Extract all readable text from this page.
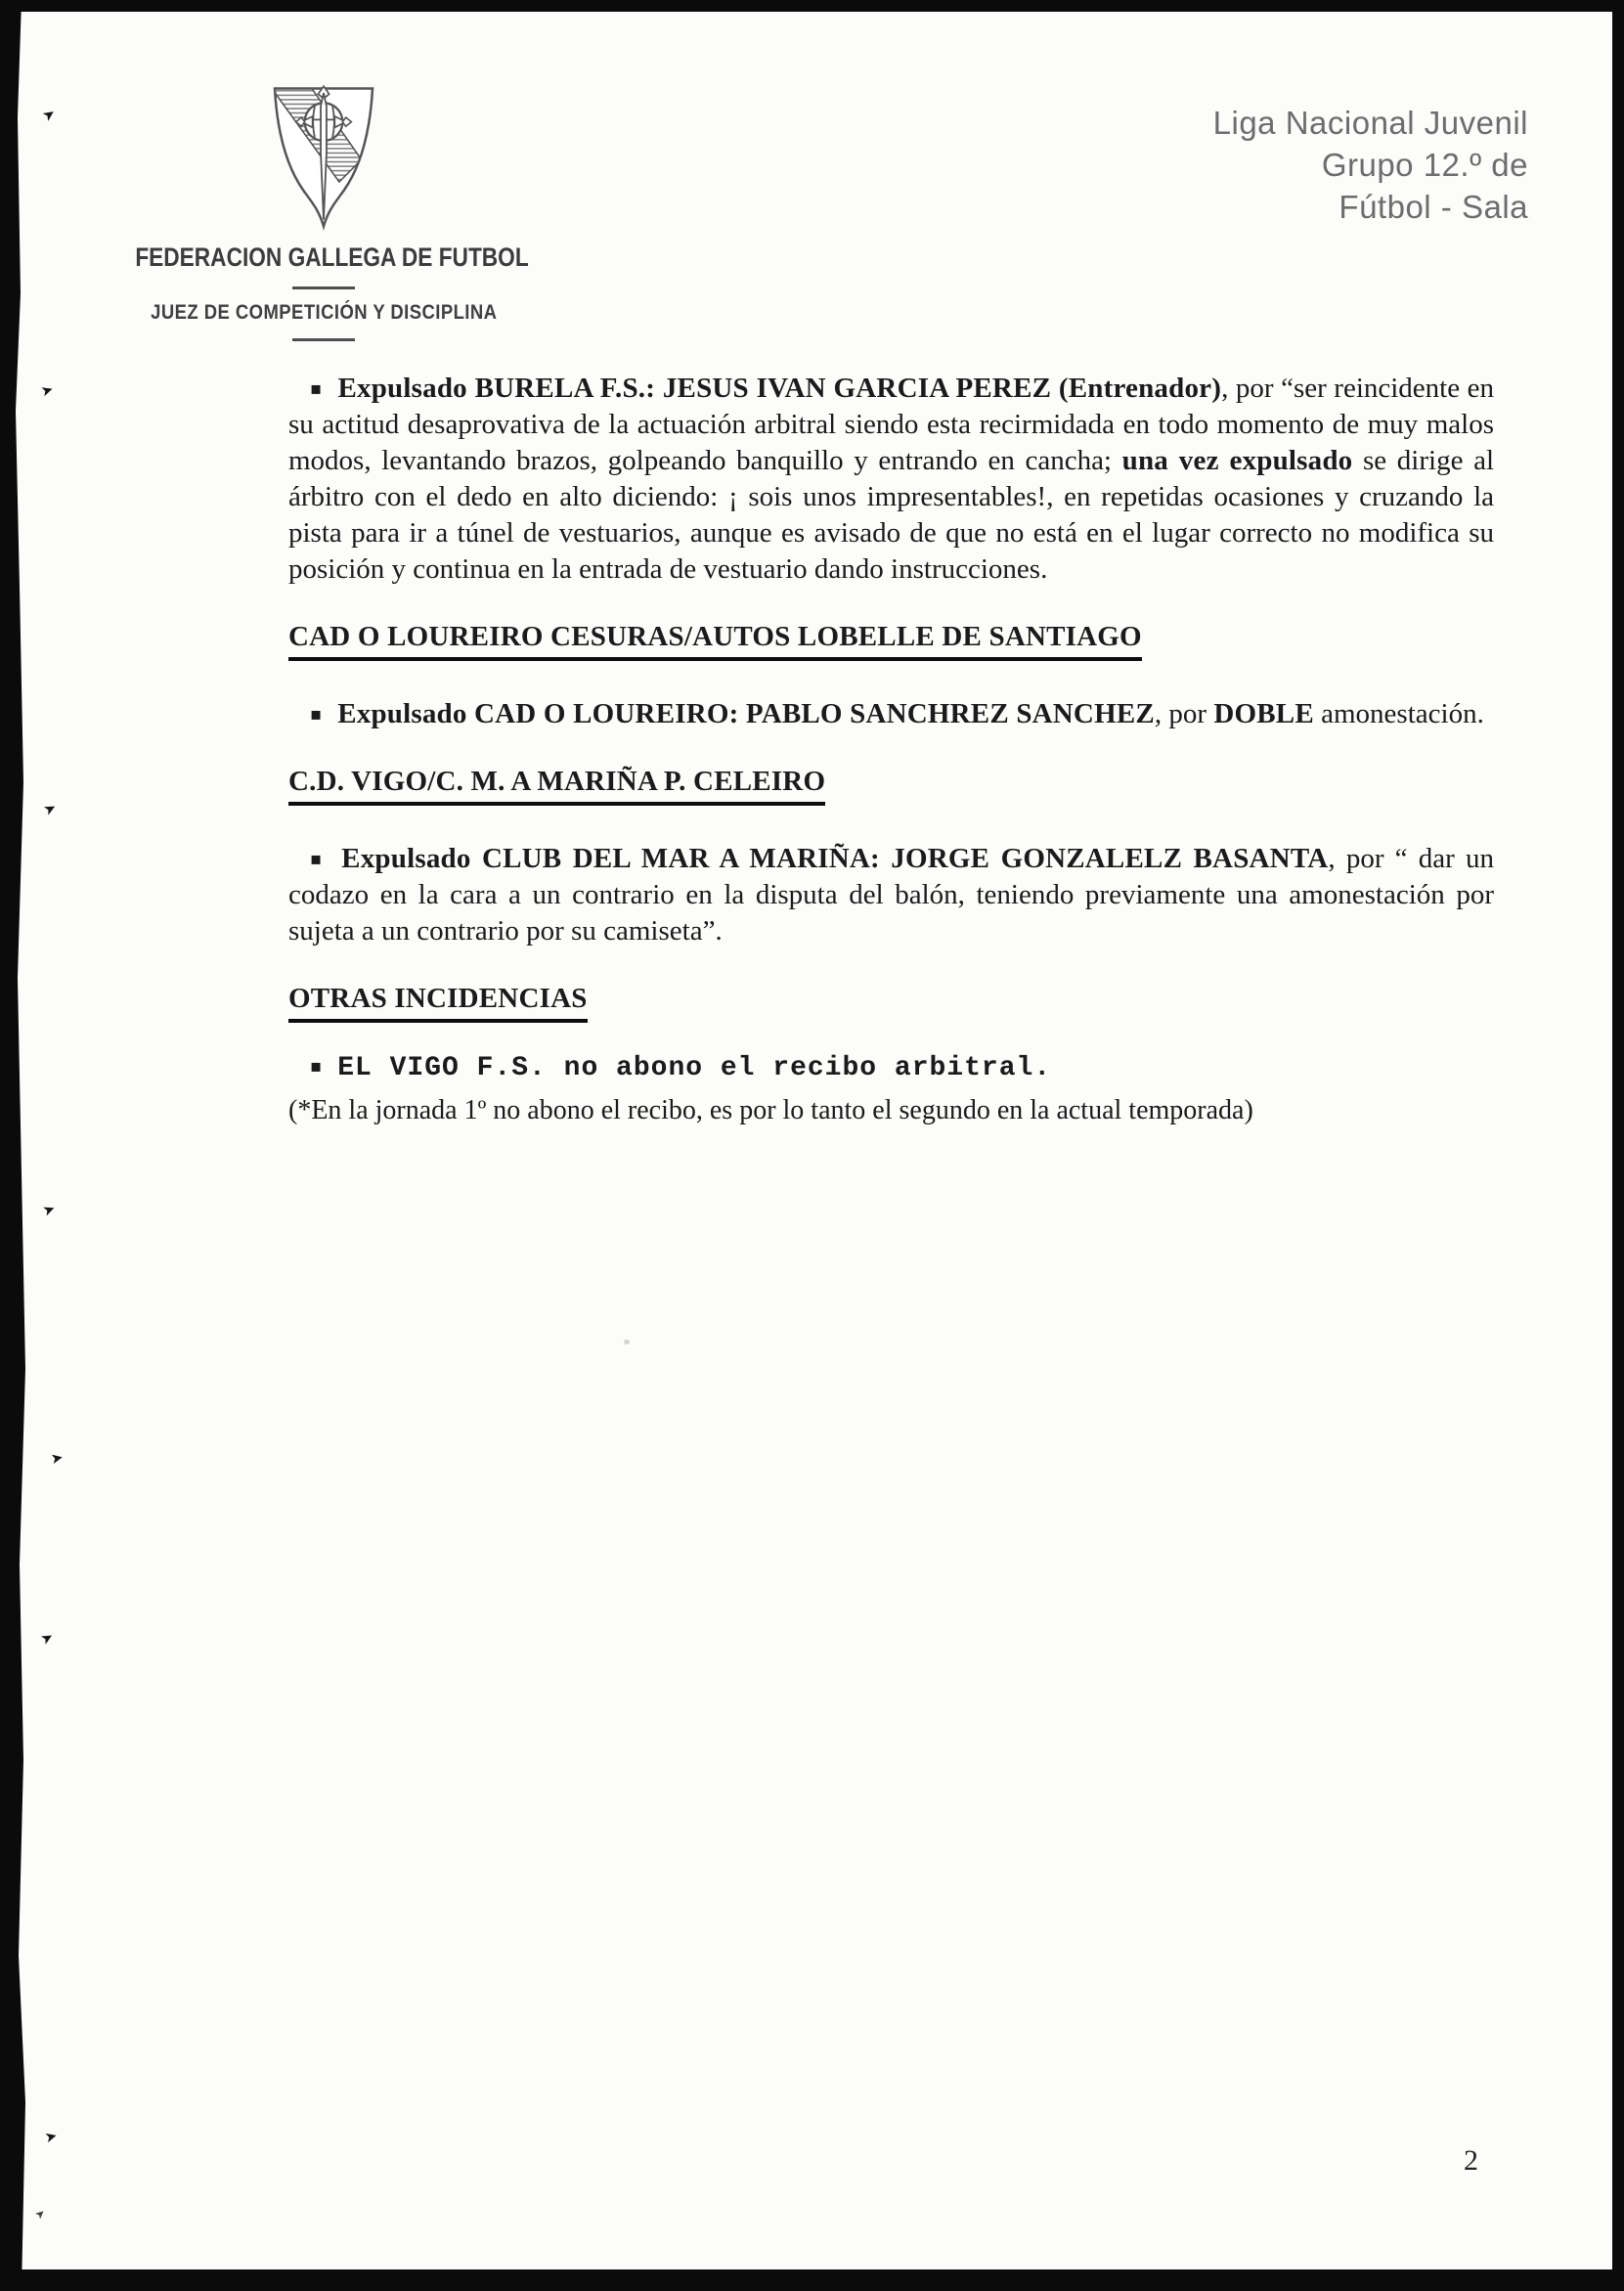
FEDERACION GALLEGA DE FUTBOL
JUEZ DE COMPETICIÓN Y DISCIPLINA
Liga Nacional Juvenil
Grupo 12.º de
Fútbol - Sala

▪ Expulsado BURELA F.S.: JESUS IVAN GARCIA PEREZ (Entrenador), por “ser reincidente en su actitud desaprovativa de la actuación arbitral siendo esta recirmidada en todo momento de muy malos modos, levantando brazos, golpeando banquillo y entrando en cancha; una vez expulsado se dirige al árbitro con el dedo en alto diciendo: ¡ sois unos impresentables!, en repetidas ocasiones y cruzando la pista para ir a túnel de vestuarios, aunque es avisado de que no está en el lugar correcto no modifica su posición y continua en la entrada de vestuario dando instrucciones.

CAD O LOUREIRO CESURAS/AUTOS LOBELLE DE SANTIAGO

▪ Expulsado CAD O LOUREIRO: PABLO SANCHREZ SANCHEZ, por DOBLE amonestación.

C.D. VIGO/C. M. A MARIÑA P. CELEIRO

▪ Expulsado CLUB DEL MAR A MARIÑA: JORGE GONZALELZ BASANTA, por “ dar un codazo en la cara a un contrario en la disputa del balón, teniendo previamente una amonestación por sujeta a un contrario por su camiseta”.

OTRAS INCIDENCIAS

▪ EL VIGO F.S. no abono el recibo arbitral.

(*En la jornada 1º no abono el recibo, es por lo tanto el segundo en la actual temporada)

2
➤
➤
➤
➤
➤
➤
➤
➤
